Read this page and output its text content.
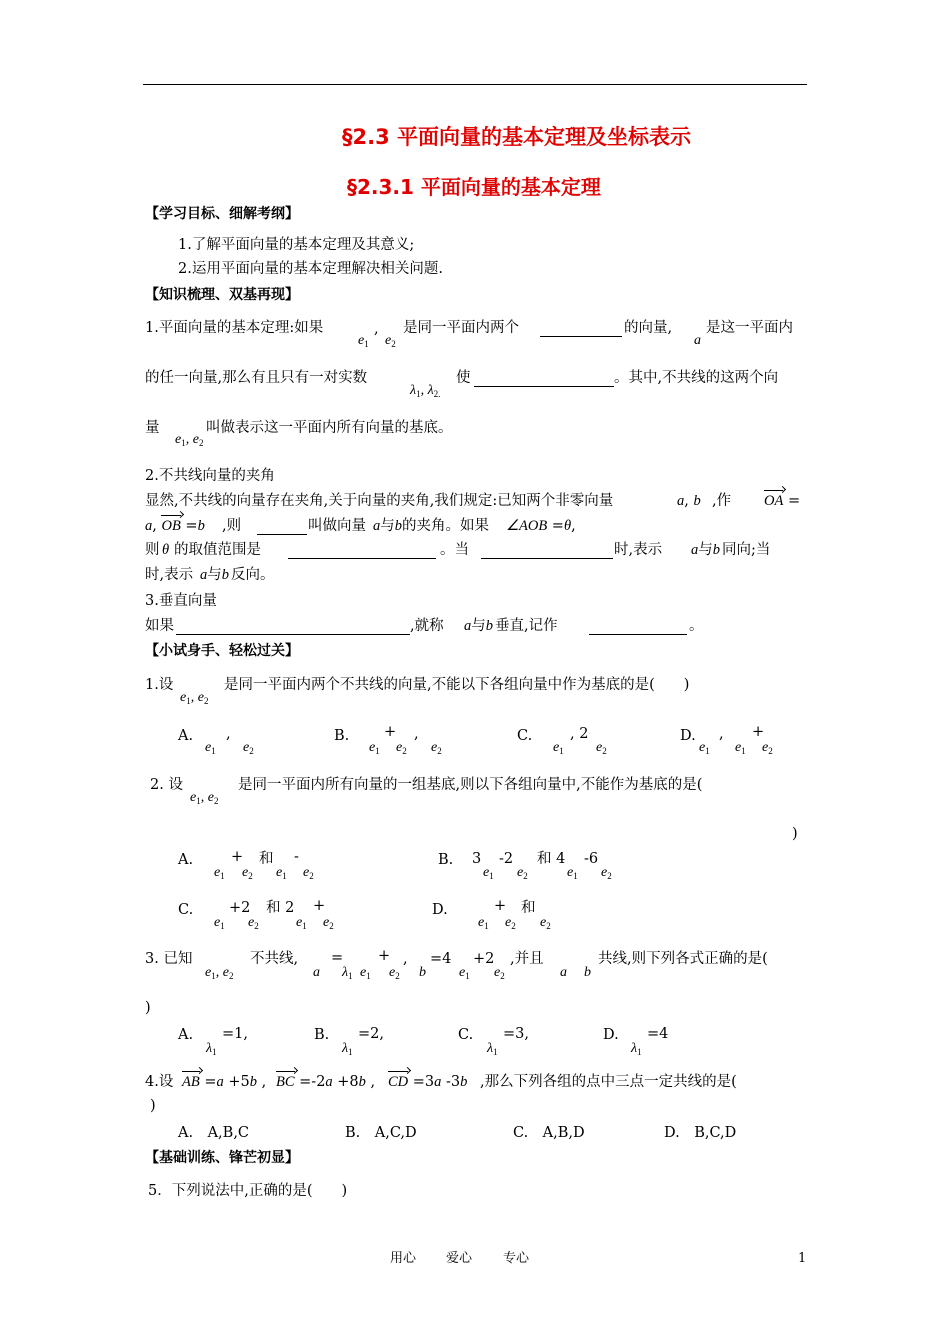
§2.3 平面向量的基本定理及坐标表示
§2.3.1 平面向量的基本定理
【学习目标、细解考纲】
1.了解平面向量的基本定理及其意义;
2.运用平面向量的基本定理解决相关问题.
【知识梳理、双基再现】
1.平面向量的基本定理:如果
$e_1$
,
$e_2$
是同一平面内两个	的向量,
a
是这一平面内
的任一向量,那么有且只有一对实数
$\lambda_1$, $\lambda_{2.}$
使	。其中,不共线的这两个向
量
$e_1$, $e_2$
叫做表示这一平面内所有向量的基底。
2.不共线向量的夹角
显然,不共线的向量存在夹角,关于向量的夹角,我们规定:已知两个非零向量	a, b ,作 OA =
a, OB =b ,则	叫做向量 a与b 的夹角。如果 ∠AOB =θ,
则 θ 的取值范围是	。当	时,表示 a与b 同向;当
时,表示 a与b 反向。
3.垂直向量
如果	,就称 a与b 垂直,记作	。
【小试身手、轻松过关】
1.设
$e_1$, $e_2$
是同一平面内两个不共线的向量,不能以下各组向量中作为基底的是(　　)
A. ,
$e_1$ $e_2$
B. + ,
$e_1$ $e_2$ $e_2$
C.	, 2
$e_1$ $e_2$
D. , +
$e_1$ $e_1$ $e_2$
2. 设
$e_1$, $e_2$
是同一平面内所有向量的一组基底,则以下各组向量中,不能作为基底的是(
)
A.	+ 和 -
$e_1$ $e_2$ $e_1$ $e_2$
B. 3 -2 和 4 -6
$e_1$ $e_2$	$e_1$ $e_2$
C. +2 和 2 +
$e_1$ $e_2$	$e_1$ $e_2$
D.	+ 和
$e_1$ $e_2$ $e_2$
3. 已知
$e_1$, $e_2$
不共线,
a
=
$\lambda_1$ $e_1$
+
$e_2$
,
b
=4
$e_1$
+2
$e_2$
,并且
a b
共线,则下列各式正确的是(
)
A.
$\lambda_1$
=1,	B.
$\lambda_1$
=2,	C.
$\lambda_1$
=3,	D.
$\lambda_1$
=4
4.设 AB =a +5b , BC =-2a +8b , CD =3a -3b ,那么下列各组的点中三点一定共线的是(
)
A.　A,B,C	B.　A,C,D	C.　A,B,D	D.　B,C,D
【基础训练、锋芒初显】
5．下列说法中,正确的是(　　)
用心 爱心 专心	1
